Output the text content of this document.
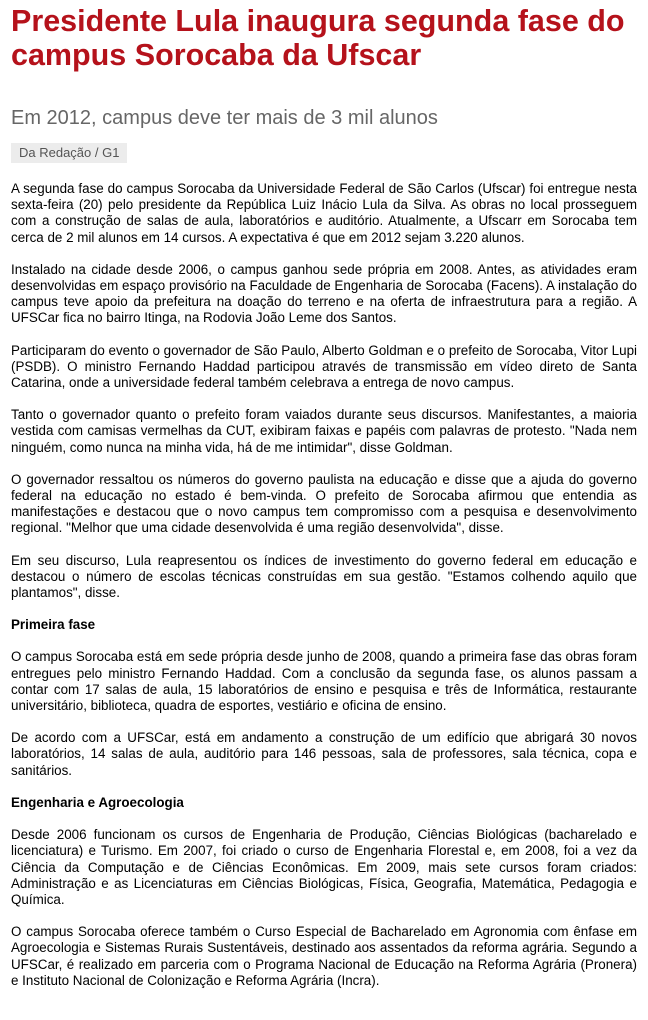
Presidente Lula inaugura segunda fase do campus Sorocaba da Ufscar
Em 2012, campus deve ter mais de 3 mil alunos
Da Redação / G1

A segunda fase do campus Sorocaba da Universidade Federal de São Carlos (Ufscar) foi entregue nesta sexta-feira (20) pelo presidente da República Luiz Inácio Lula da Silva. As obras no local prosseguem com a construção de salas de aula, laboratórios e auditório. Atualmente, a Ufscarr em Sorocaba tem cerca de 2 mil alunos em 14 cursos. A expectativa é que em 2012 sejam 3.220 alunos.

Instalado na cidade desde 2006, o campus ganhou sede própria em 2008. Antes, as atividades eram desenvolvidas em espaço provisório na Faculdade de Engenharia de Sorocaba (Facens). A instalação do campus teve apoio da prefeitura na doação do terreno e na oferta de infraestrutura para a região. A UFSCar fica no bairro Itinga, na Rodovia João Leme dos Santos.

Participaram do evento o governador de São Paulo, Alberto Goldman e o prefeito de Sorocaba, Vitor Lupi (PSDB). O ministro Fernando Haddad participou através de transmissão em vídeo direto de Santa Catarina, onde a universidade federal também celebrava a entrega de novo campus.

Tanto o governador quanto o prefeito foram vaiados durante seus discursos. Manifestantes, a maioria vestida com camisas vermelhas da CUT, exibiram faixas e papéis com palavras de protesto. "Nada nem ninguém, como nunca na minha vida, há de me intimidar", disse Goldman.

O governador ressaltou os números do governo paulista na educação e disse que a ajuda do governo federal na educação no estado é bem-vinda. O prefeito de Sorocaba afirmou que entendia as manifestações e destacou que o novo campus tem compromisso com a pesquisa e desenvolvimento regional. "Melhor que uma cidade desenvolvida é uma região desenvolvida", disse.

Em seu discurso, Lula reapresentou os índices de investimento do governo federal em educação e destacou o número de escolas técnicas construídas em sua gestão. "Estamos colhendo aquilo que plantamos", disse.

Primeira fase

O campus Sorocaba está em sede própria desde junho de 2008, quando a primeira fase das obras foram entregues pelo ministro Fernando Haddad. Com a conclusão da segunda fase, os alunos passam a contar com 17 salas de aula, 15 laboratórios de ensino e pesquisa e três de Informática, restaurante universitário, biblioteca, quadra de esportes, vestiário e oficina de ensino.

De acordo com a UFSCar, está em andamento a construção de um edifício que abrigará 30 novos laboratórios, 14 salas de aula, auditório para 146 pessoas, sala de professores, sala técnica, copa e sanitários.

Engenharia e Agroecologia

Desde 2006 funcionam os cursos de Engenharia de Produção, Ciências Biológicas (bacharelado e licenciatura) e Turismo. Em 2007, foi criado o curso de Engenharia Florestal e, em 2008, foi a vez da Ciência da Computação e de Ciências Econômicas. Em 2009, mais sete cursos foram criados: Administração e as Licenciaturas em Ciências Biológicas, Física, Geografia, Matemática, Pedagogia e Química.

O campus Sorocaba oferece também o Curso Especial de Bacharelado em Agronomia com ênfase em Agroecologia e Sistemas Rurais Sustentáveis, destinado aos assentados da reforma agrária. Segundo a UFSCar, é realizado em parceria com o Programa Nacional de Educação na Reforma Agrária (Pronera) e Instituto Nacional de Colonização e Reforma Agrária (Incra).
